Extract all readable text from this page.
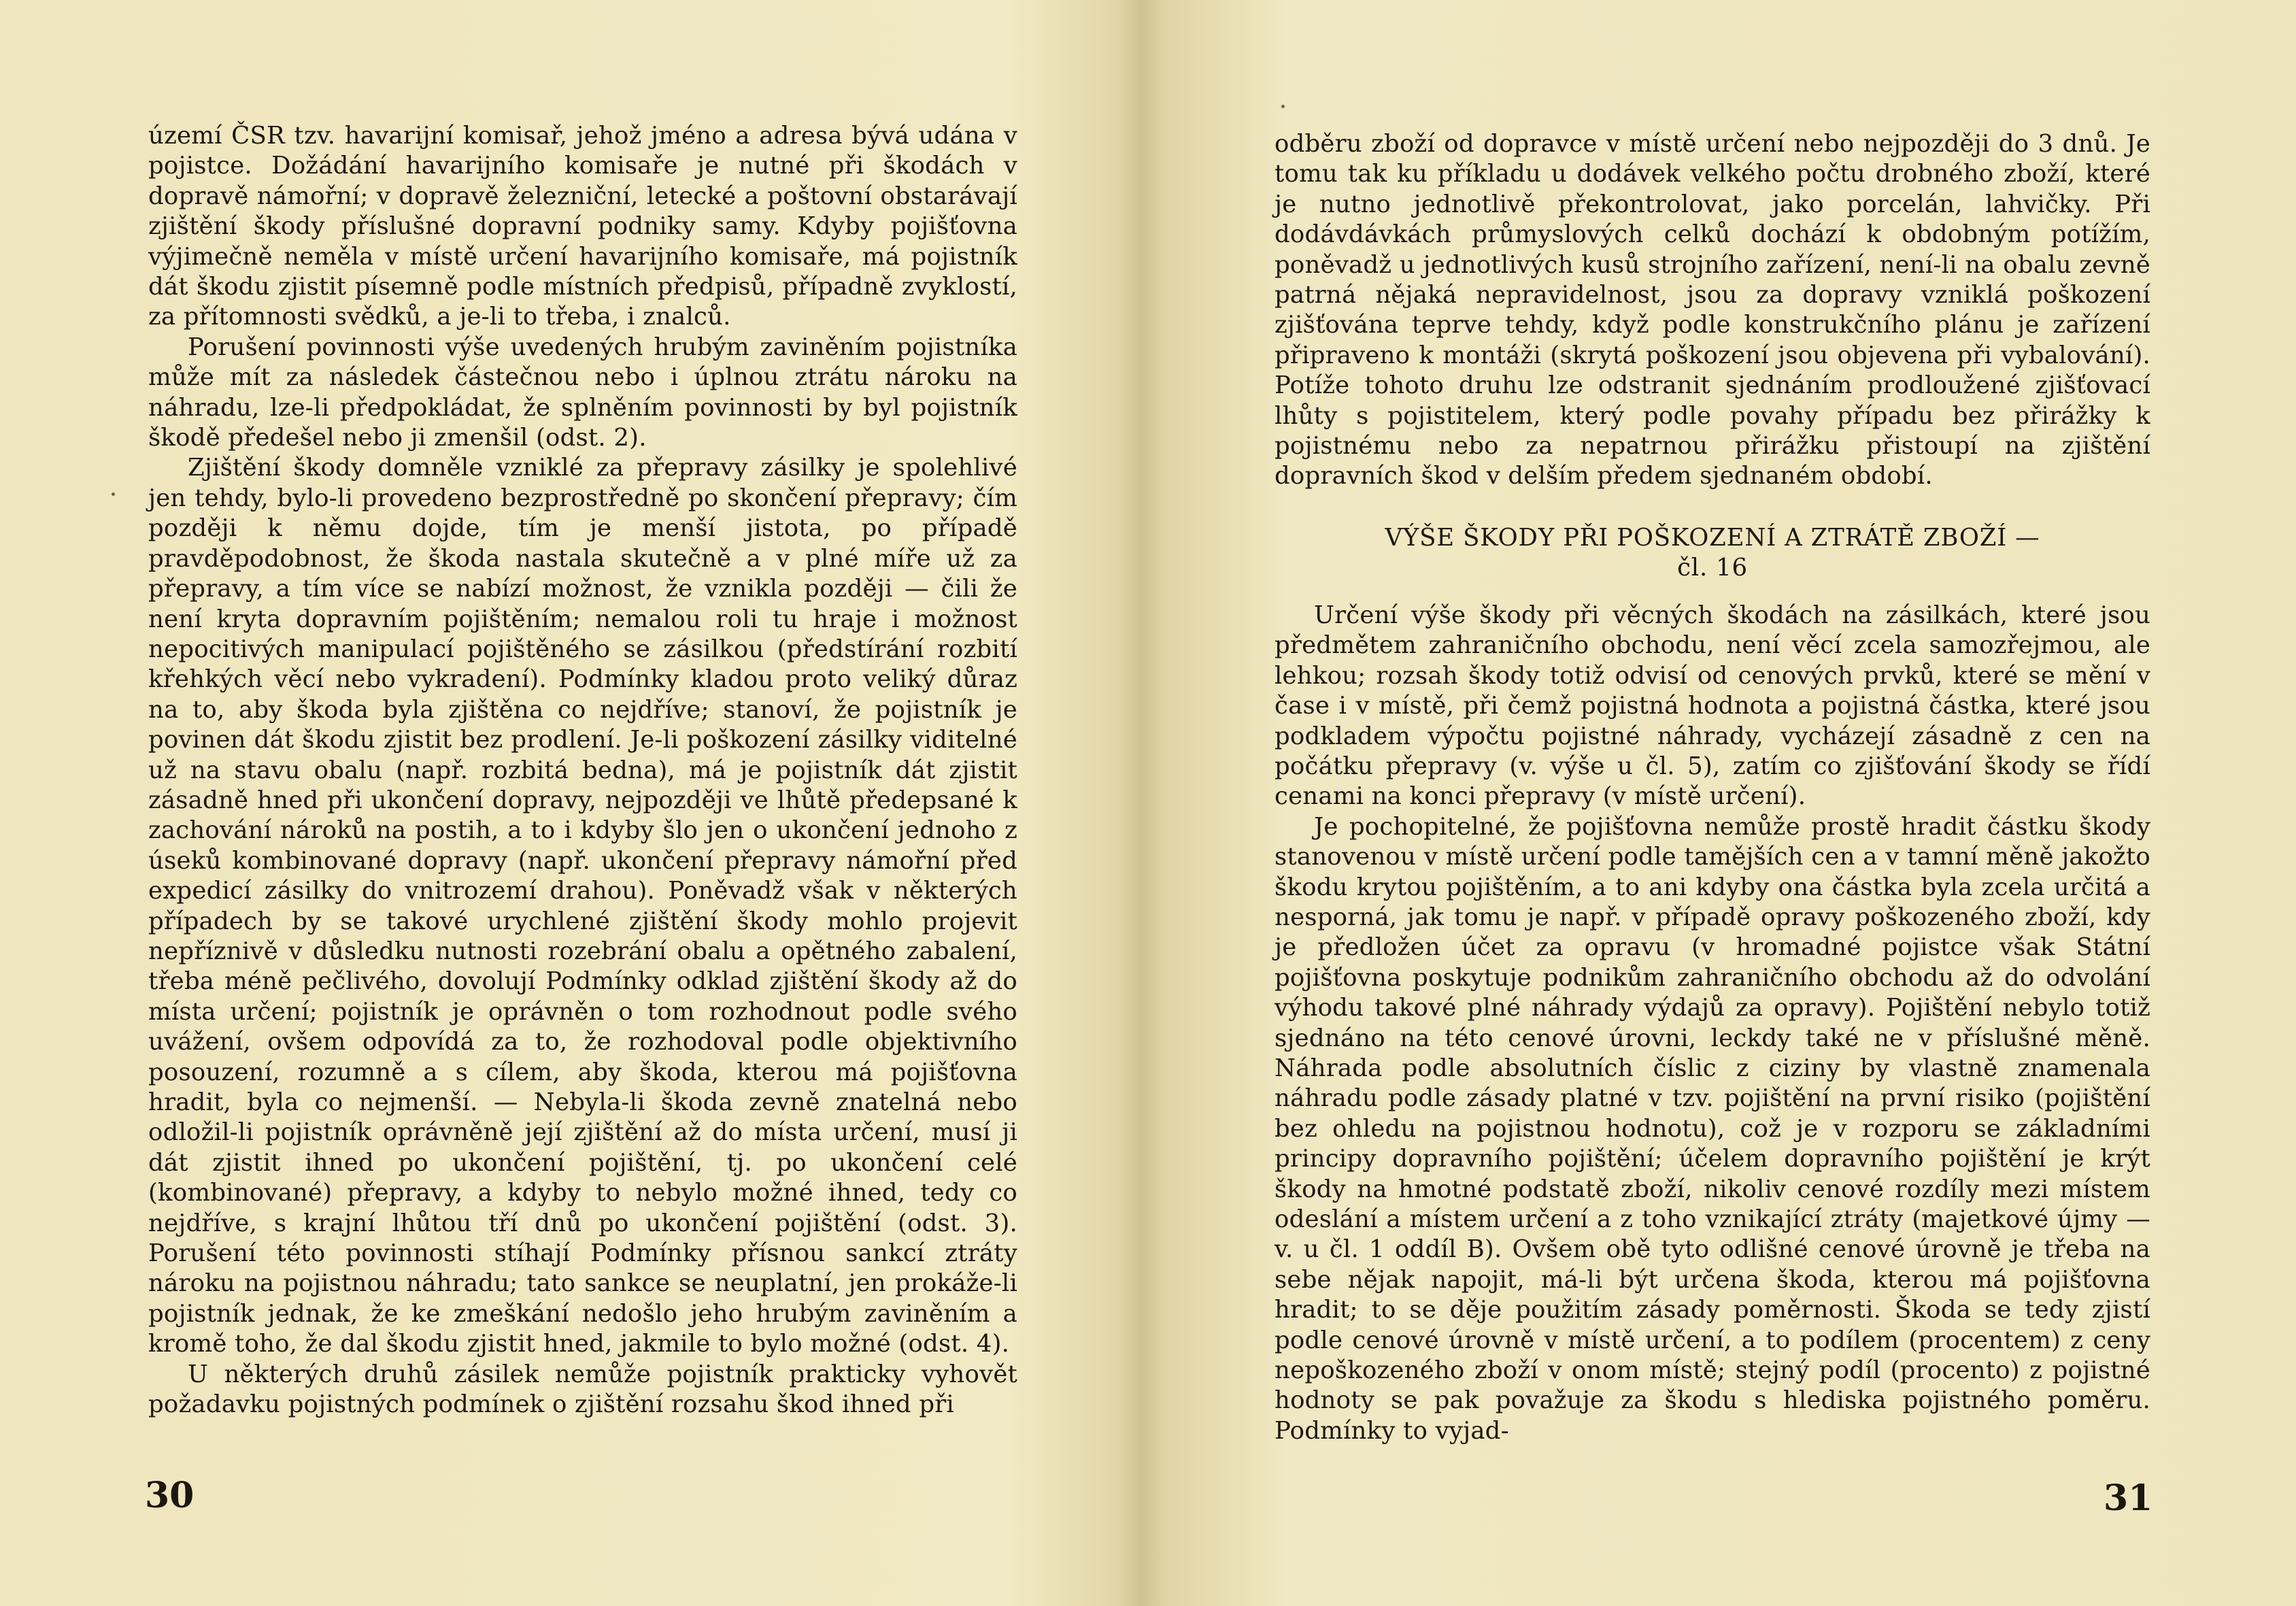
území ČSR tzv. havarijní komisař, jehož jméno a adresa bývá udána v pojistce. Dožádání havarijního komisaře je nutné při škodách v dopravě námořní; v dopravě železniční, letecké a poštovní obstarávají zjištění škody příslušné dopravní podniky samy. Kdyby pojišťovna výjimečně neměla v místě určení havarijního komisaře, má pojistník dát škodu zjistit písemně podle místních předpisů, případně zvyklostí, za přítomnosti svědků, a je-li to třeba, i znalců.

Porušení povinnosti výše uvedených hrubým zaviněním pojistníka může mít za následek částečnou nebo i úplnou ztrátu nároku na náhradu, lze-li předpokládat, že splněním povinnosti by byl pojistník škodě předešel nebo ji zmenšil (odst. 2).

Zjištění škody domněle vzniklé za přepravy zásilky je spolehlivé jen tehdy, bylo-li provedeno bezprostředně po skončení přepravy; čím později k němu dojde, tím je menší jistota, po případě pravděpodobnost, že škoda nastala skutečně a v plné míře už za přepravy, a tím více se nabízí možnost, že vznikla později — čili že není kryta dopravním pojištěním; nemalou roli tu hraje i možnost nepocitivých manipulací pojištěného se zásilkou (předstírání rozbití křehkých věcí nebo vykradení). Podmínky kladou proto veliký důraz na to, aby škoda byla zjištěna co nejdříve; stanoví, že pojistník je povinen dát škodu zjistit bez prodlení. Je-li poškození zásilky viditelné už na stavu obalu (např. rozbitá bedna), má je pojistník dát zjistit zásadně hned při ukončení dopravy, nejpozději ve lhůtě předepsané k zachování nároků na postih, a to i kdyby šlo jen o ukončení jednoho z úseků kombinované dopravy (např. ukončení přepravy námořní před expedicí zásilky do vnitrozemí drahou). Poněvadž však v některých případech by se takové urychlené zjištění škody mohlo projevit nepříznivě v důsledku nutnosti rozebrání obalu a opětného zabalení, třeba méně pečlivého, dovolují Podmínky odklad zjištění škody až do místa určení; pojistník je oprávněn o tom rozhodnout podle svého uvážení, ovšem odpovídá za to, že rozhodoval podle objektivního posouzení, rozumně a s cílem, aby škoda, kterou má pojišťovna hradit, byla co nejmenší. — Nebyla-li škoda zevně znatelná nebo odložil-li pojistník oprávněně její zjištění až do místa určení, musí ji dát zjistit ihned po ukončení pojištění, tj. po ukončení celé (kombinované) přepravy, a kdyby to nebylo možné ihned, tedy co nejdříve, s krajní lhůtou tří dnů po ukončení pojištění (odst. 3). Porušení této povinnosti stíhají Podmínky přísnou sankcí ztráty nároku na pojistnou náhradu; tato sankce se neuplatní, jen prokáže-li pojistník jednak, že ke zmeškání nedošlo jeho hrubým zaviněním a kromě toho, že dal škodu zjistit hned, jakmile to bylo možné (odst. 4).

U některých druhů zásilek nemůže pojistník prakticky vyhovět požadavku pojistných podmínek o zjištění rozsahu škod ihned při

30

odběru zboží od dopravce v místě určení nebo nejpozději do 3 dnů. Je tomu tak ku příkladu u dodávek velkého počtu drobného zboží, které je nutno jednotlivě překontrolovat, jako porcelán, lahvičky. Při dodávdávkách průmyslových celků dochází k obdobným potížím, poněvadž u jednotlivých kusů strojního zařízení, není-li na obalu zevně patrná nějaká nepravidelnost, jsou za dopravy vzniklá poškození zjišťována teprve tehdy, když podle konstrukčního plánu je zařízení připraveno k montáži (skrytá poškození jsou objevena při vybalování). Potíže tohoto druhu lze odstranit sjednáním prodloužené zjišťovací lhůty s pojistitelem, který podle povahy případu bez přirážky k pojistnému nebo za nepatrnou přirážku přistoupí na zjištění dopravních škod v delším předem sjednaném období.

VÝŠE ŠKODY PŘI POŠKOZENÍ A ZTRÁTĚ ZBOŽÍ —
čl. 16

Určení výše škody při věcných škodách na zásilkách, které jsou předmětem zahraničního obchodu, není věcí zcela samozřejmou, ale lehkou; rozsah škody totiž odvisí od cenových prvků, které se mění v čase i v místě, při čemž pojistná hodnota a pojistná částka, které jsou podkladem výpočtu pojistné náhrady, vycházejí zásadně z cen na počátku přepravy (v. výše u čl. 5), zatím co zjišťování škody se řídí cenami na konci přepravy (v místě určení).

Je pochopitelné, že pojišťovna nemůže prostě hradit částku škody stanovenou v místě určení podle tamějších cen a v tamní měně jakožto škodu krytou pojištěním, a to ani kdyby ona částka byla zcela určitá a nesporná, jak tomu je např. v případě opravy poškozeného zboží, kdy je předložen účet za opravu (v hromadné pojistce však Státní pojišťovna poskytuje podnikům zahraničního obchodu až do odvolání výhodu takové plné náhrady výdajů za opravy). Pojištění nebylo totiž sjednáno na této cenové úrovni, leckdy také ne v příslušné měně. Náhrada podle absolutních číslic z ciziny by vlastně znamenala náhradu podle zásady platné v tzv. pojištění na první risiko (pojištění bez ohledu na pojistnou hodnotu), což je v rozporu se základními principy dopravního pojištění; účelem dopravního pojištění je krýt škody na hmotné podstatě zboží, nikoliv cenové rozdíly mezi místem odeslání a místem určení a z toho vznikající ztráty (majetkové újmy — v. u čl. 1 oddíl B). Ovšem obě tyto odlišné cenové úrovně je třeba na sebe nějak napojit, má-li být určena škoda, kterou má pojišťovna hradit; to se děje použitím zásady poměrnosti. Škoda se tedy zjistí podle cenové úrovně v místě určení, a to podílem (procentem) z ceny nepoškozeného zboží v onom místě; stejný podíl (procento) z pojistné hodnoty se pak považuje za škodu s hlediska pojistného poměru. Podmínky to vyjad-

31
